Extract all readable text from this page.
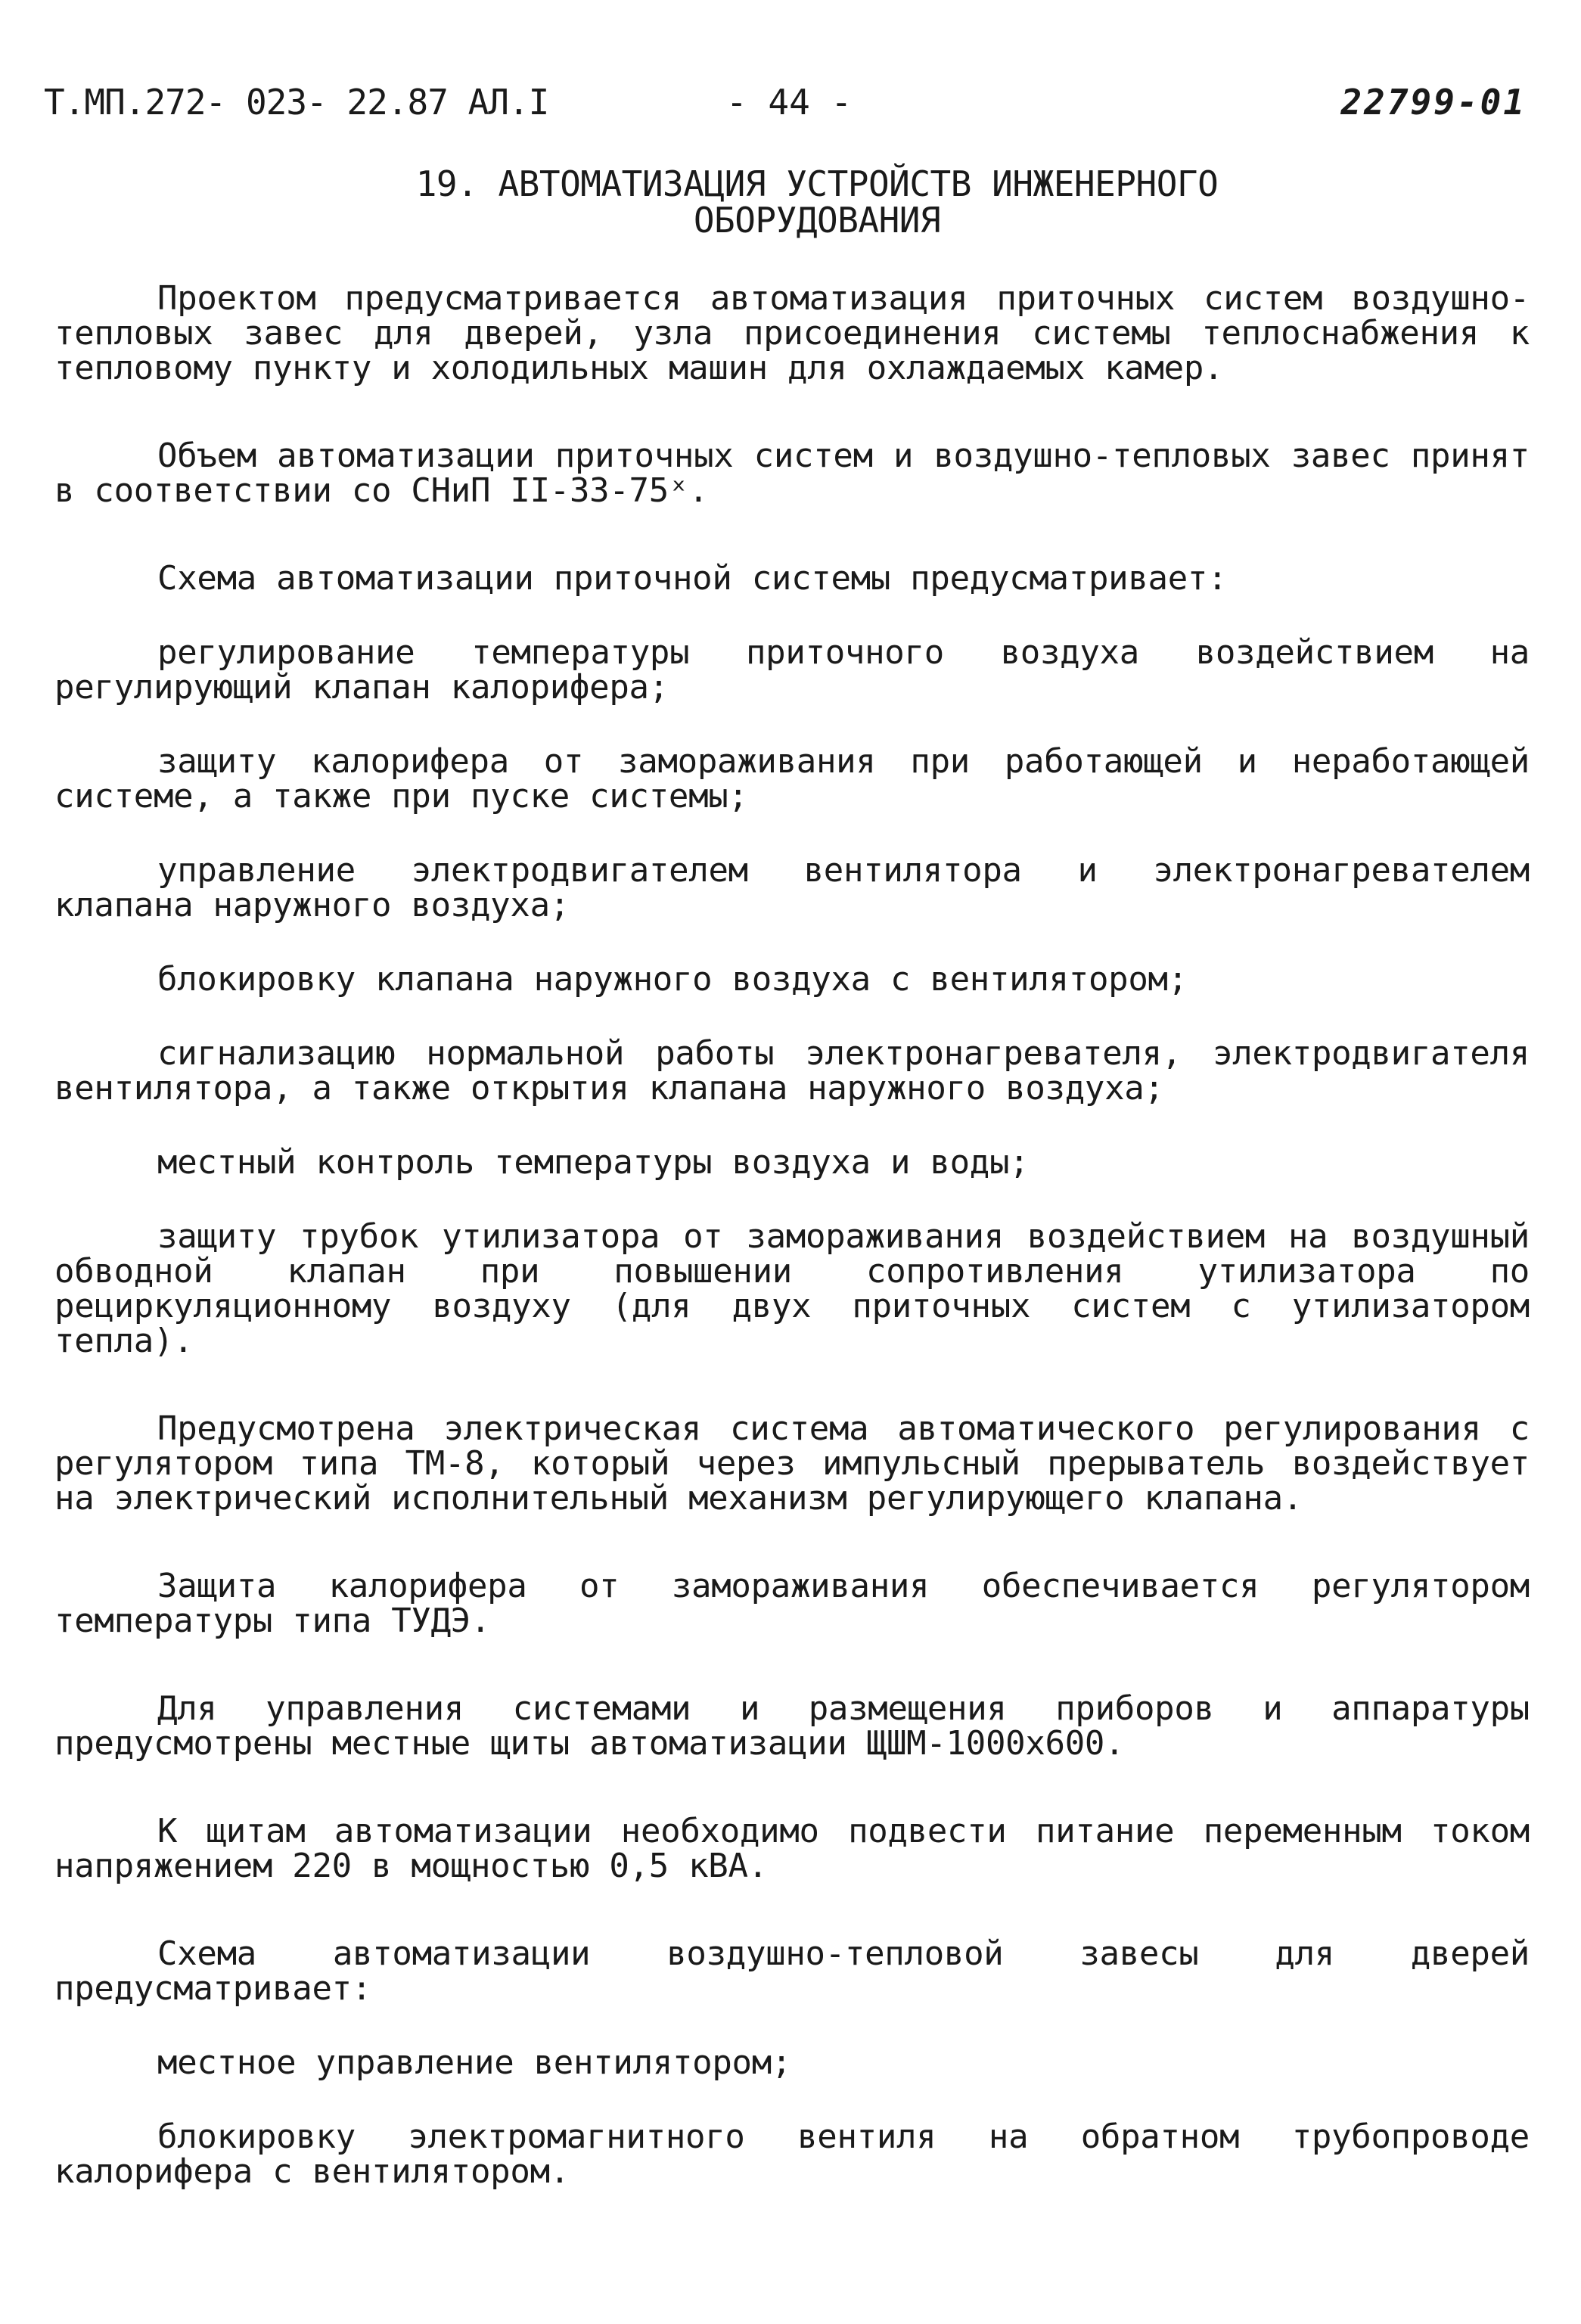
Т.МП.272- 023- 22.87 АЛ.I	- 44 -	22799-01
19. АВТОМАТИЗАЦИЯ УСТРОЙСТВ ИНЖЕНЕРНОГО
ОБОРУДОВАНИЯ

Проектом предусматривается автоматизация приточных систем воздушно-тепловых завес для дверей, узла присоединения системы теплоснабжения к тепловому пункту и холодильных машин для охлаждаемых камер.

Объем автоматизации приточных систем и воздушно-тепловых завес принят в соответствии со СНиП II-33-75ˣ.

Схема автоматизации приточной системы предусматривает:

регулирование температуры приточного воздуха воздействием на регулирующий клапан калорифера;

защиту калорифера от замораживания при работающей и неработающей системе, а также при пуске системы;

управление электродвигателем вентилятора и электронагревателем клапана наружного воздуха;

блокировку клапана наружного воздуха с вентилятором;

сигнализацию нормальной работы электронагревателя, электродвигателя вентилятора, а также открытия клапана наружного воздуха;

местный контроль температуры воздуха и воды;

защиту трубок утилизатора от замораживания воздействием на воздушный обводной клапан при повышении сопротивления утилизатора по рециркуляционному воздуху (для двух приточных систем с утилизатором тепла).

Предусмотрена электрическая система автоматического регулирования с регулятором типа ТМ-8, который через импульсный прерыватель воздействует на электрический исполнительный механизм регулирующего клапана.

Защита калорифера от замораживания обеспечивается регулятором температуры типа ТУДЭ.

Для управления системами и размещения приборов и аппаратуры предусмотрены местные щиты автоматизации ЩШМ-1000х600.

К щитам автоматизации необходимо подвести питание переменным током напряжением 220 в мощностью 0,5 кВА.

Схема автоматизации воздушно-тепловой завесы для дверей предусматривает:

местное управление вентилятором;

блокировку электромагнитного вентиля на обратном трубопроводе калорифера с вентилятором.
